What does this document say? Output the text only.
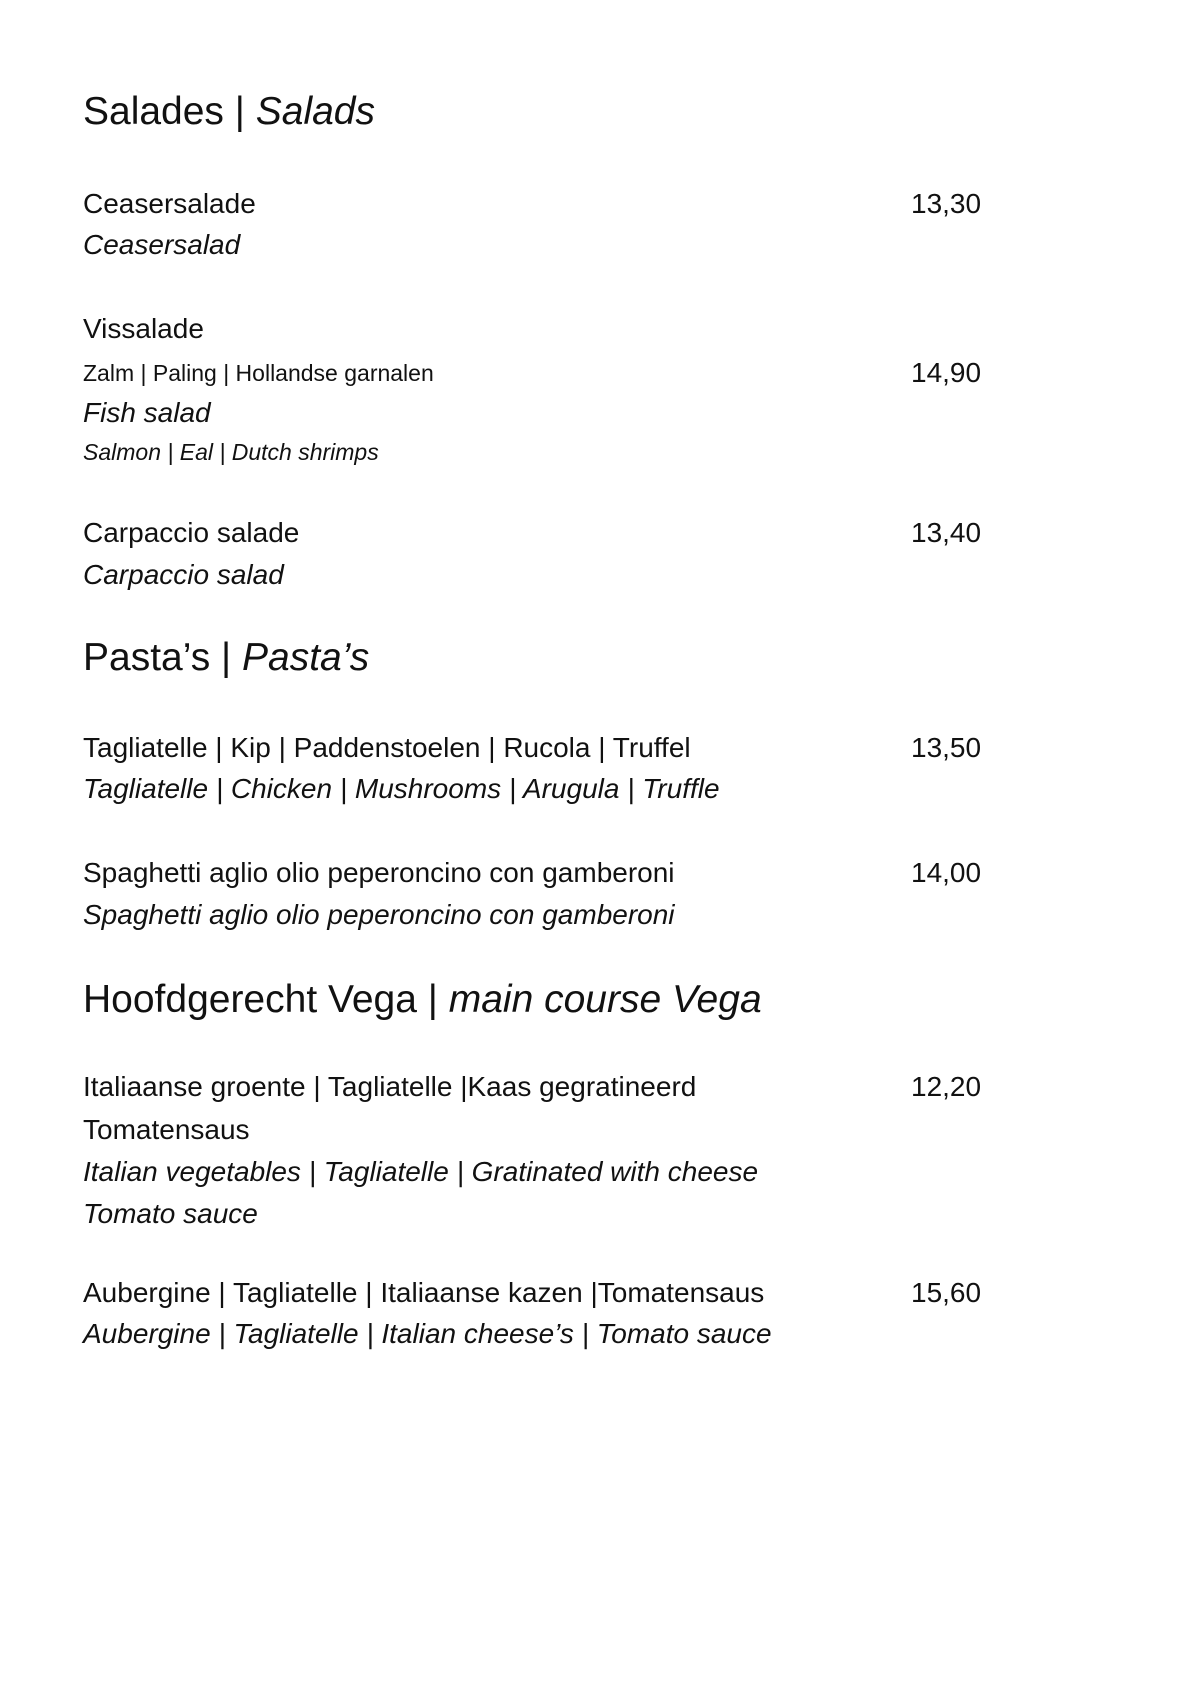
Salades | Salads
Ceasersalade	13,30
Ceasersalad
Vissalade
Zalm | Paling | Hollandse garnalen	14,90
Fish salad
Salmon | Eal | Dutch shrimps
Carpaccio salade	13,40
Carpaccio salad
Pasta’s | Pasta’s
Tagliatelle | Kip | Paddenstoelen | Rucola | Truffel	13,50
Tagliatelle | Chicken | Mushrooms | Arugula | Truffle
Spaghetti aglio olio peperoncino con gamberoni	14,00
Spaghetti aglio olio peperoncino con gamberoni
Hoofdgerecht Vega | main course Vega
Italiaanse groente | Tagliatelle |Kaas gegratineerd	12,20
Tomatensaus
Italian vegetables | Tagliatelle | Gratinated with cheese
Tomato sauce
Aubergine | Tagliatelle | Italiaanse kazen |Tomatensaus	15,60
Aubergine | Tagliatelle | Italian cheese’s | Tomato sauce
